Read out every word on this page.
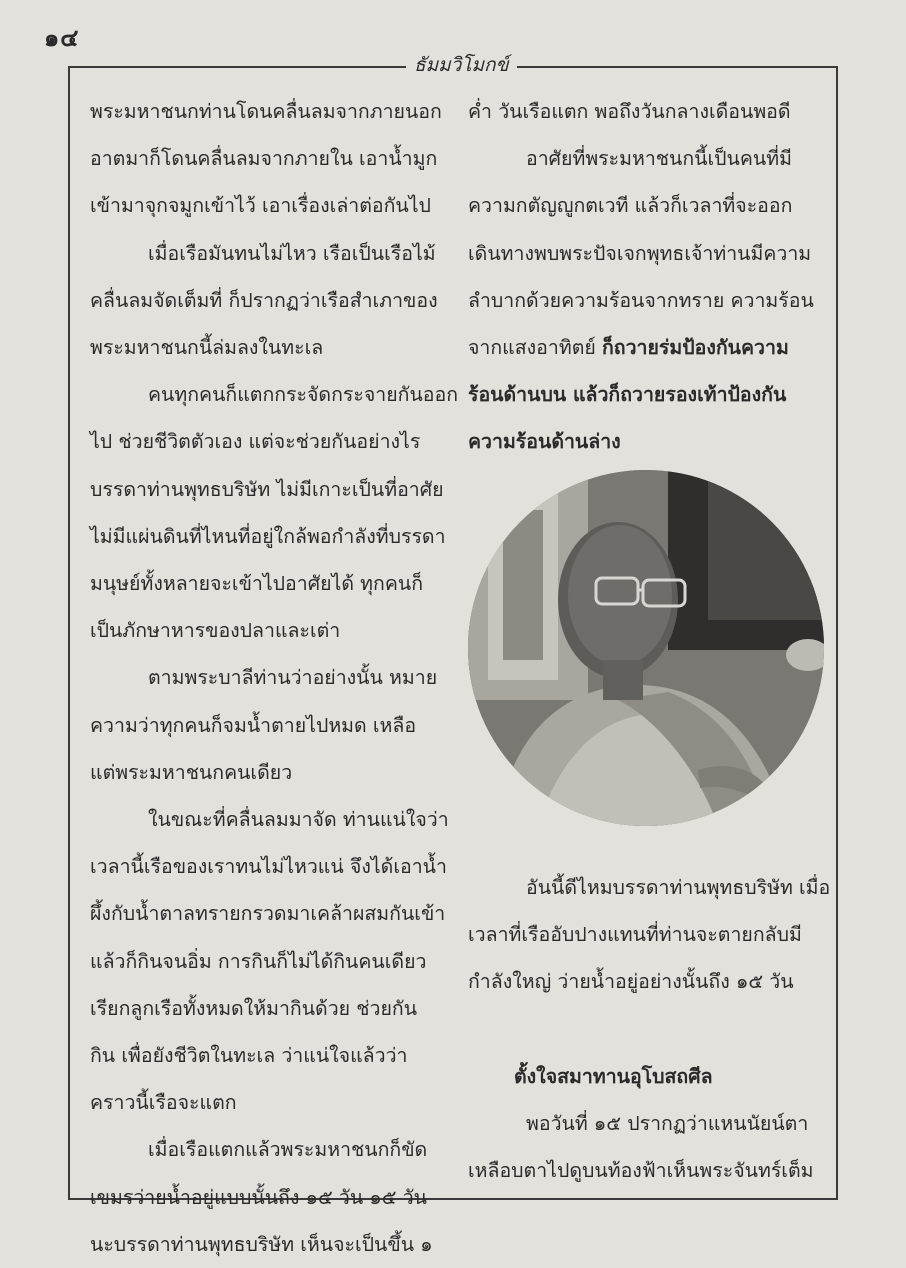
๑๔
ธัมมวิโมกข์

พระมหาชนกท่านโดนคลื่นลมจากภายนอก

อาตมาก็โดนคลื่นลมจากภายใน เอาน้ำมูก

เข้ามาจุกจมูกเข้าไว้ เอาเรื่องเล่าต่อกันไป

เมื่อเรือมันทนไม่ไหว เรือเป็นเรือไม้

คลื่นลมจัดเต็มที่ ก็ปรากฏว่าเรือสำเภาของ

พระมหาชนกนี้ล่มลงในทะเล

คนทุกคนก็แตกกระจัดกระจายกันออก

ไป ช่วยชีวิตตัวเอง แต่จะช่วยกันอย่างไร

บรรดาท่านพุทธบริษัท ไม่มีเกาะเป็นที่อาศัย

ไม่มีแผ่นดินที่ไหนที่อยู่ใกล้พอกำลังที่บรรดา

มนุษย์ทั้งหลายจะเข้าไปอาศัยได้ ทุกคนก็

เป็นภักษาหารของปลาและเต่า

ตามพระบาลีท่านว่าอย่างนั้น หมาย

ความว่าทุกคนก็จมน้ำตายไปหมด เหลือ

แต่พระมหาชนกคนเดียว

ในขณะที่คลื่นลมมาจัด ท่านแน่ใจว่า

เวลานี้เรือของเราทนไม่ไหวแน่ จึงได้เอาน้ำ

ผึ้งกับน้ำตาลทรายกรวดมาเคล้าผสมกันเข้า

แล้วก็กินจนอิ่ม การกินก็ไม่ได้กินคนเดียว

เรียกลูกเรือทั้งหมดให้มากินด้วย ช่วยกัน

กิน เพื่อยังชีวิตในทะเล ว่าแน่ใจแล้วว่า

คราวนี้เรือจะแตก

เมื่อเรือแตกแล้วพระมหาชนกก็ขัด

เขมรว่ายน้ำอยู่แบบนั้นถึง ๑๕ วัน ๑๕ วัน

นะบรรดาท่านพุทธบริษัท เห็นจะเป็นขึ้น ๑

ค่ำ วันเรือแตก พอถึงวันกลางเดือนพอดี

อาศัยที่พระมหาชนกนี้เป็นคนที่มี

ความกตัญญูกตเวที แล้วก็เวลาที่จะออก

เดินทางพบพระปัจเจกพุทธเจ้าท่านมีความ

ลำบากด้วยความร้อนจากทราย ความร้อน

จากแสงอาทิตย์ ก็ถวายร่มป้องกันความ

ร้อนด้านบน แล้วก็ถวายรองเท้าป้องกัน

ความร้อนด้านล่าง

อันนี้ดีไหมบรรดาท่านพุทธบริษัท เมื่อ

เวลาที่เรืออับปางแทนที่ท่านจะตายกลับมี

กำลังใหญ่ ว่ายน้ำอยู่อย่างนั้นถึง ๑๕ วัน

ตั้งใจสมาทานอุโบสถศีล

พอวันที่ ๑๕ ปรากฏว่าแหนนัยน์ตา

เหลือบตาไปดูบนท้องฟ้าเห็นพระจันทร์เต็ม
